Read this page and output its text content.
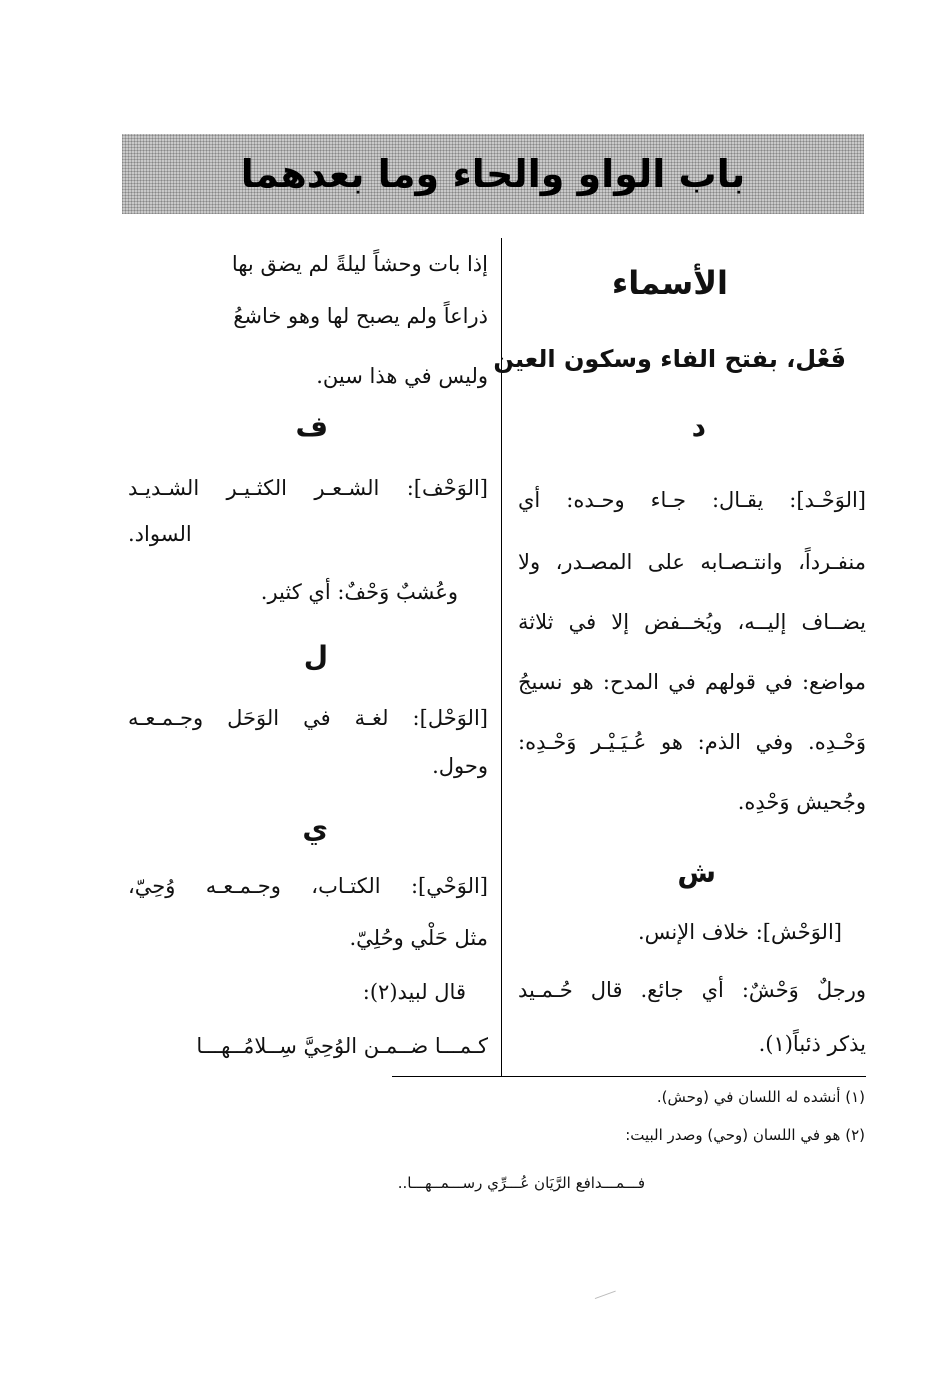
باب الواو والحاء وما بعدهما
الأسماء
فَعْل، بفتح الفاء وسكون العين
د
[الوَحْـد]: يقـال: جـاء وحـده: أي
منفـرداً، وانتـصـابه على المصـدر، ولا
يضــاف إليــه، ويُخــفض إلا في ثلاثة
مواضع: في قولهم في المدح: هو نسيجُ
وَحْـدِه. وفي الذم: هو عُـيَـيْـر وَحْـدِه:
وجُحيش وَحْدِه.
ش
[الوَحْش]: خلاف الإنس.
ورجلٌ وَحْشٌ: أي جائع. قال حُـمـيد
يذكر ذئباً(١).
إذا بات وحشاً ليلةً لم يضق بها
ذراعاً ولم يصبح لها وهو خاشعُ
وليس في هذا سين.
ف
[الوَحْف]: الشـعـر الكثـيـر الشـديـد
السواد.
وعُشبٌ وَحْفٌ: أي كثير.
ل
[الوَحْل]: لغـة في الوَحَل وجـمـعـه
وحول.
ي
[الوَحْي]: الكتـاب، وجـمـعـه وُحِيّ،
مثل حَلْي وحُلِيّ.
قال لبيد(٢):
كـمـــا ضــمـن الوُحِيَّ سِــلامُــهـــا
(١) أنشده له اللسان في (وحش).
(٢) هو في اللسان (وحي) وصدر البيت:
فـــمـــدافع الرَّيَان عُـــرِّي رســـمــهـــا..
